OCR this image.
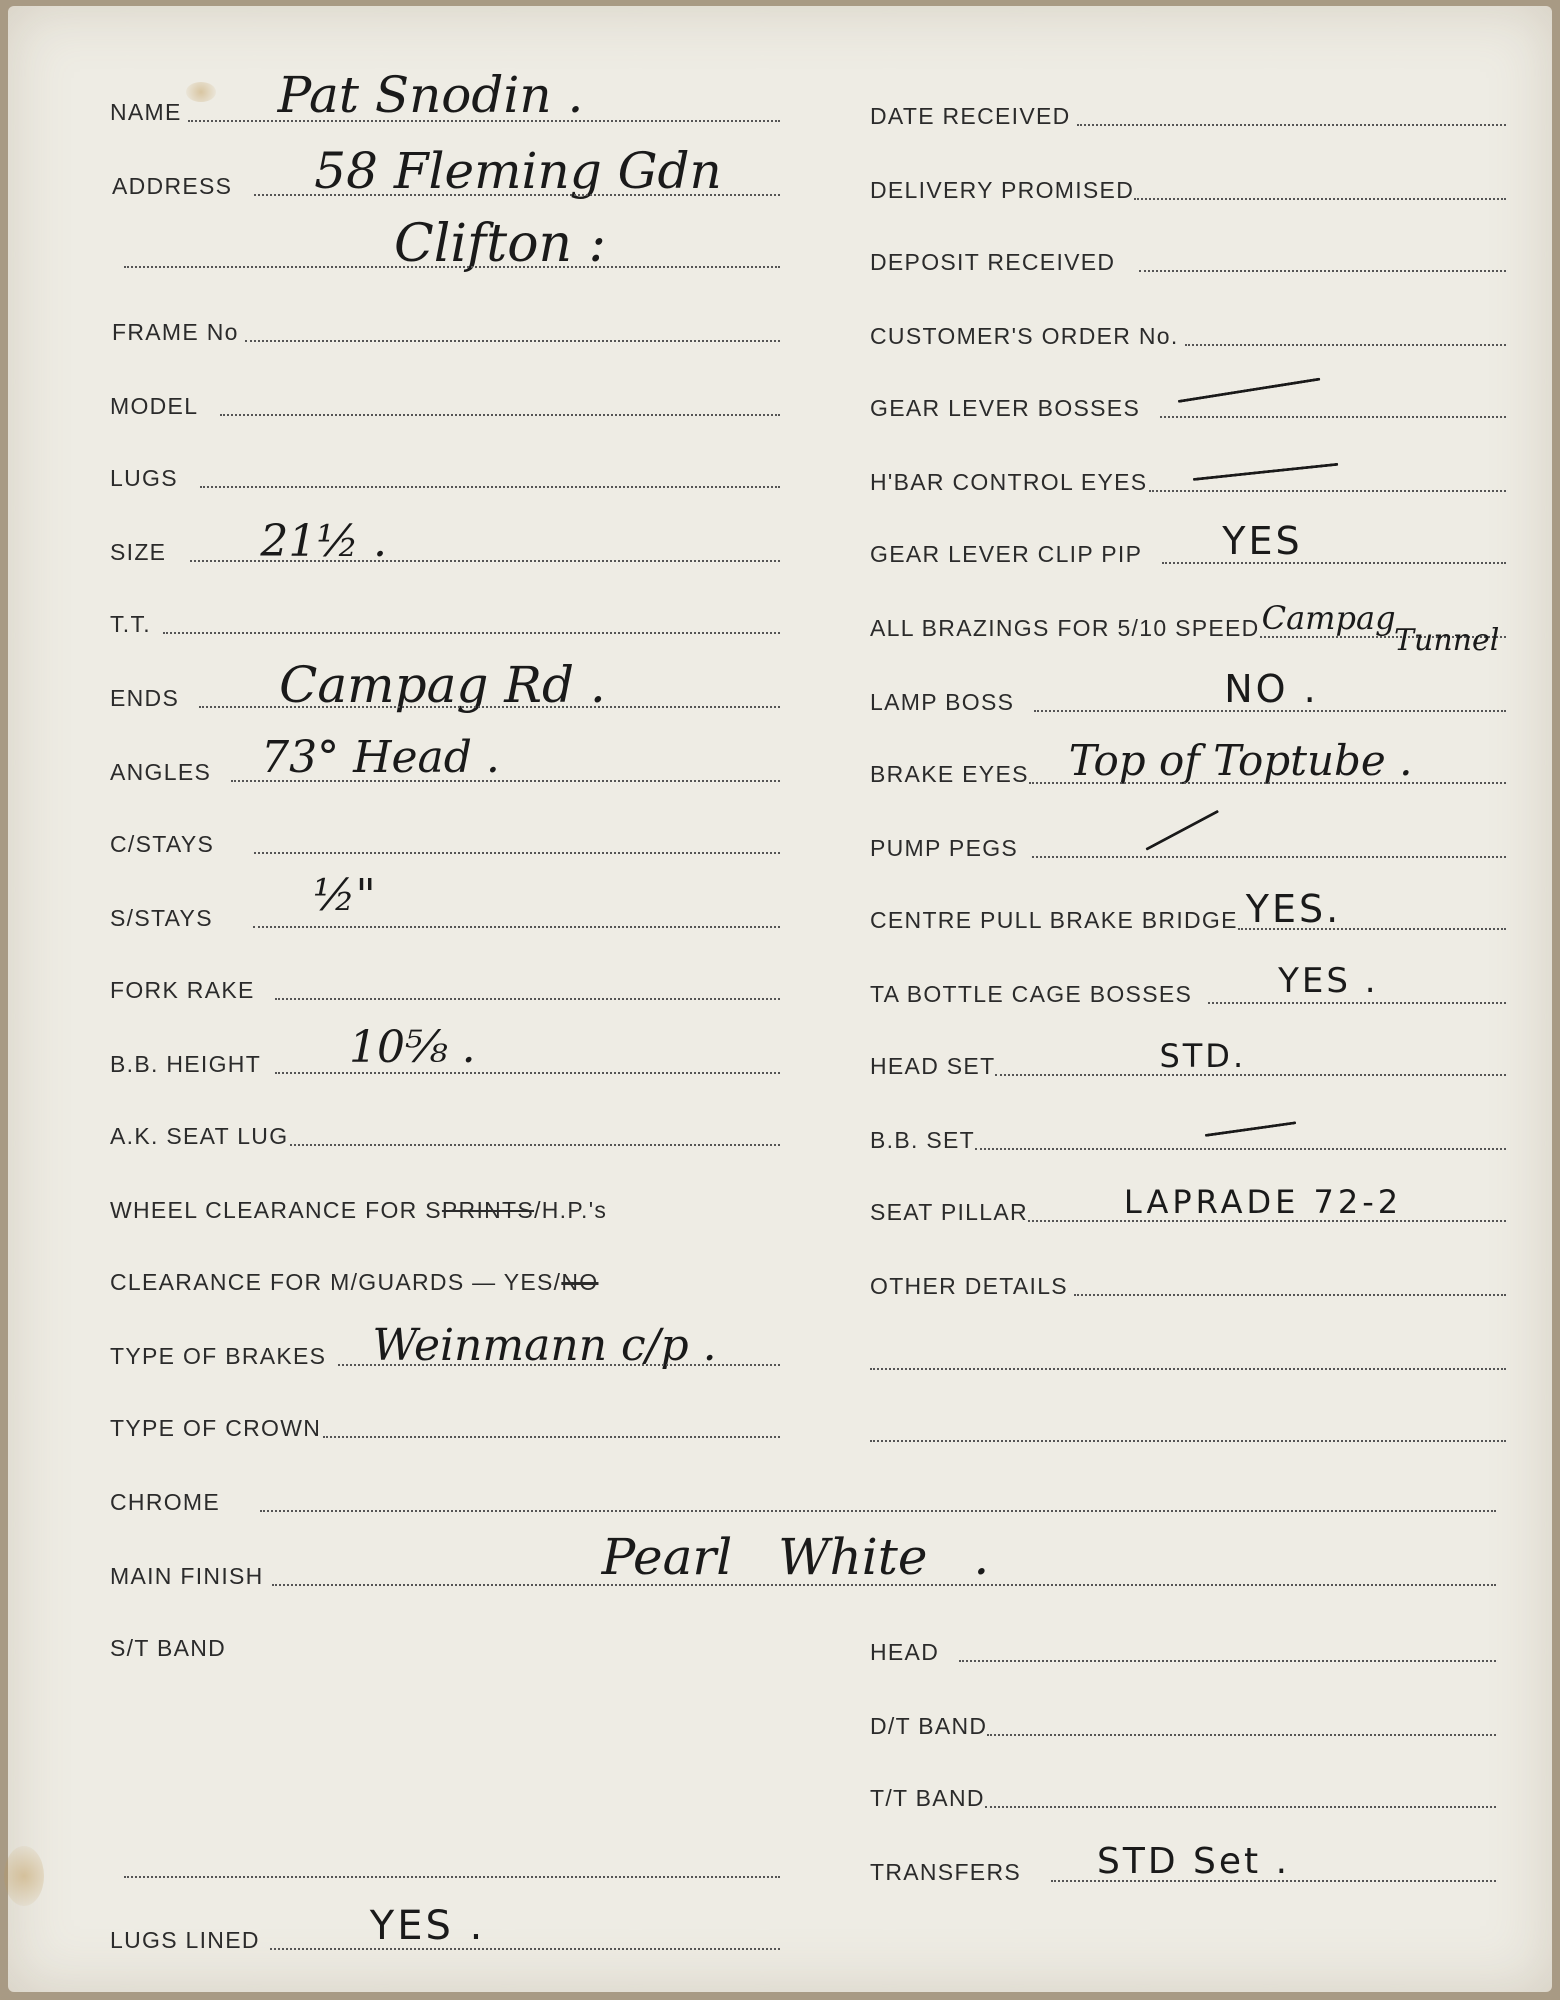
NAME Pat Snodin .
ADDRESS 58 Fleming Gdn
Clifton :
FRAME No
MODEL
LUGS
SIZE 21½ .
T.T.
ENDS Campag Rd .
ANGLES 73° Head .
C/STAYS
S/STAYS ½"
FORK RAKE
B.B. HEIGHT 10⅝ .
A.K. SEAT LUG
WHEEL CLEARANCE FOR SPRINTS/H.P.'s
CLEARANCE FOR M/GUARDS — YES/NO
TYPE OF BRAKES Weinmann c/p .
TYPE OF CROWN
CHROME
MAIN FINISH	Pearl White .
S/T BAND
LUGS LINED	YES .
DATE RECEIVED
DELIVERY PROMISED
DEPOSIT RECEIVED
CUSTOMER'S ORDER No.
GEAR LEVER BOSSES
H'BAR CONTROL EYES
GEAR LEVER CLIP PIP YES
ALL BRAZINGS FOR 5/10 SPEED Campag
Tunnel
LAMP BOSS	NO .
BRAKE EYES Top of Toptube .
PUMP PEGS
CENTRE PULL BRAKE BRIDGE YES.
TA BOTTLE CAGE BOSSES	YES .
HEAD SET	STD.
B.B. SET
SEAT PILLAR	LAPRADE 72-2
OTHER DETAILS
HEAD
D/T BAND
T/T BAND
TRANSFERS STD Set .
